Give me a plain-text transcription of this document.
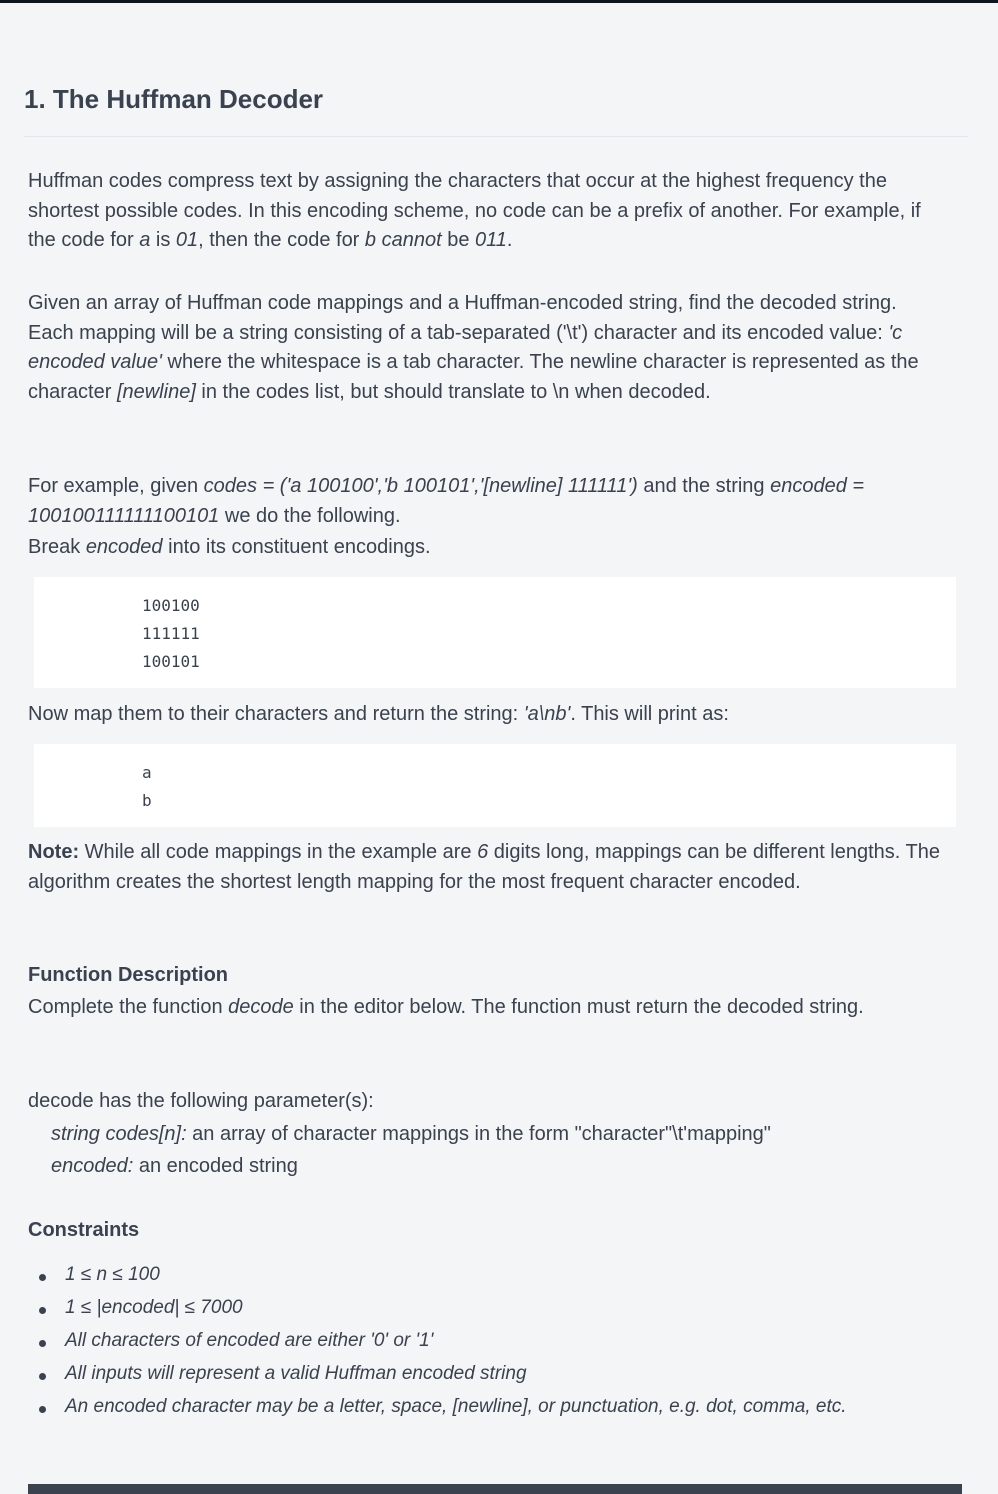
1. The Huffman Decoder

Huffman codes compress text by assigning the characters that occur at the highest frequency the shortest possible codes. In this encoding scheme, no code can be a prefix of another. For example, if the code for a is 01, then the code for b cannot be 011.

Given an array of Huffman code mappings and a Huffman-encoded string, find the decoded string. Each mapping will be a string consisting of a tab-separated ('\t') character and its encoded value: 'c encoded value' where the whitespace is a tab character. The newline character is represented as the character [newline] in the codes list, but should translate to \n when decoded.

For example, given codes = ('a 100100','b 100101','[newline] 111111') and the string encoded = 100100111111100101 we do the following.

Break encoded into its constituent encodings.

100100
111111
100101

Now map them to their characters and return the string: 'a\nb'. This will print as:

a
b

Note: While all code mappings in the example are 6 digits long, mappings can be different lengths. The algorithm creates the shortest length mapping for the most frequent character encoded.

Function Description

Complete the function decode in the editor below. The function must return the decoded string.

decode has the following parameter(s):
string codes[n]: an array of character mappings in the form "character"\t'mapping"
encoded: an encoded string
Constraints
1 ≤ n ≤ 100
1 ≤ |encoded| ≤ 7000
All characters of encoded are either '0' or '1'
All inputs will represent a valid Huffman encoded string
An encoded character may be a letter, space, [newline], or punctuation, e.g. dot, comma, etc.
